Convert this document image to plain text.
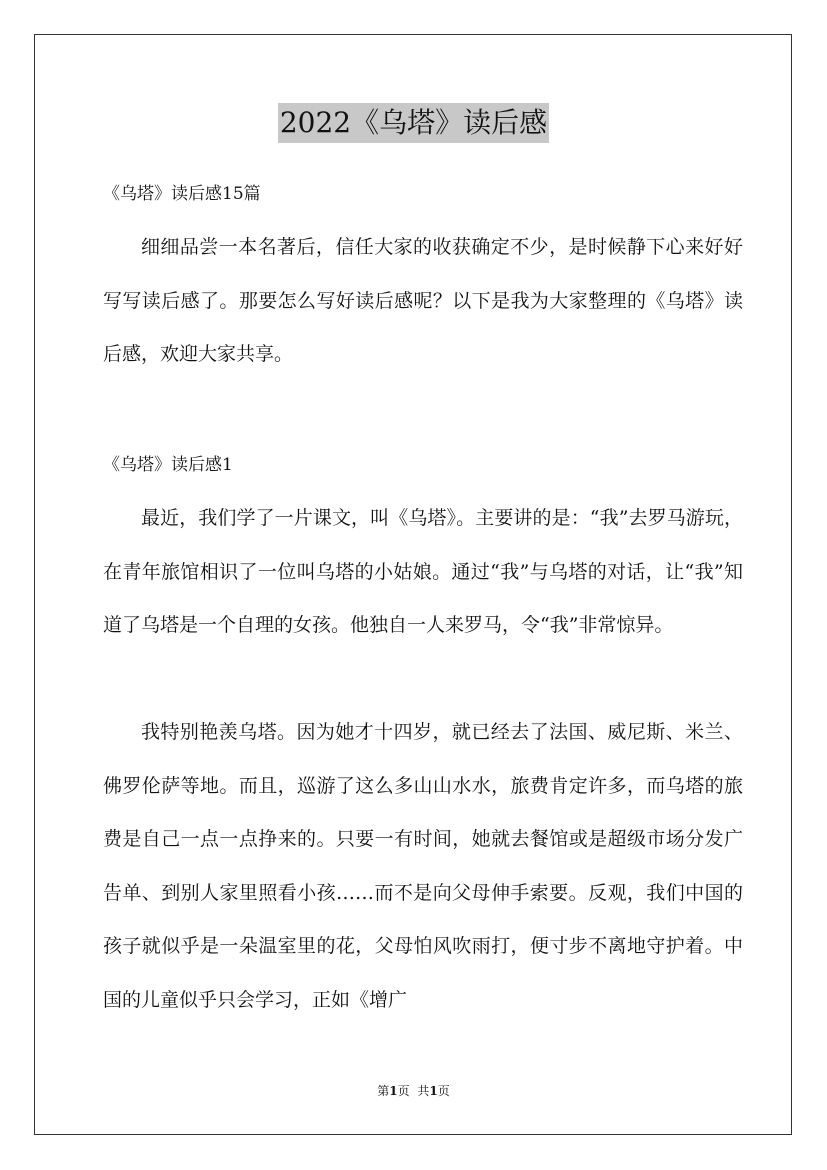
2022《乌塔》读后感
《乌塔》读后感15篇

细细品尝一本名著后，信任大家的收获确定不少，是时候静下心来好好写写读后感了。那要怎么写好读后感呢？以下是我为大家整理的《乌塔》读后感，欢迎大家共享。

《乌塔》读后感1

最近，我们学了一片课文，叫《乌塔》。主要讲的是：“我”去罗马游玩，在青年旅馆相识了一位叫乌塔的小姑娘。通过“我”与乌塔的对话，让“我”知道了乌塔是一个自理的女孩。他独自一人来罗马，令“我”非常惊异。

我特别艳羡乌塔。因为她才十四岁，就已经去了法国、威尼斯、米兰、佛罗伦萨等地。而且，巡游了这么多山山水水，旅费肯定许多，而乌塔的旅费是自己一点一点挣来的。只要一有时间，她就去餐馆或是超级市场分发广告单、到别人家里照看小孩……而不是向父母伸手索要。反观，我们中国的孩子就似乎是一朵温室里的花，父母怕风吹雨打，便寸步不离地守护着。中国的儿童似乎只会学习，正如《增广

第1页 共1页
